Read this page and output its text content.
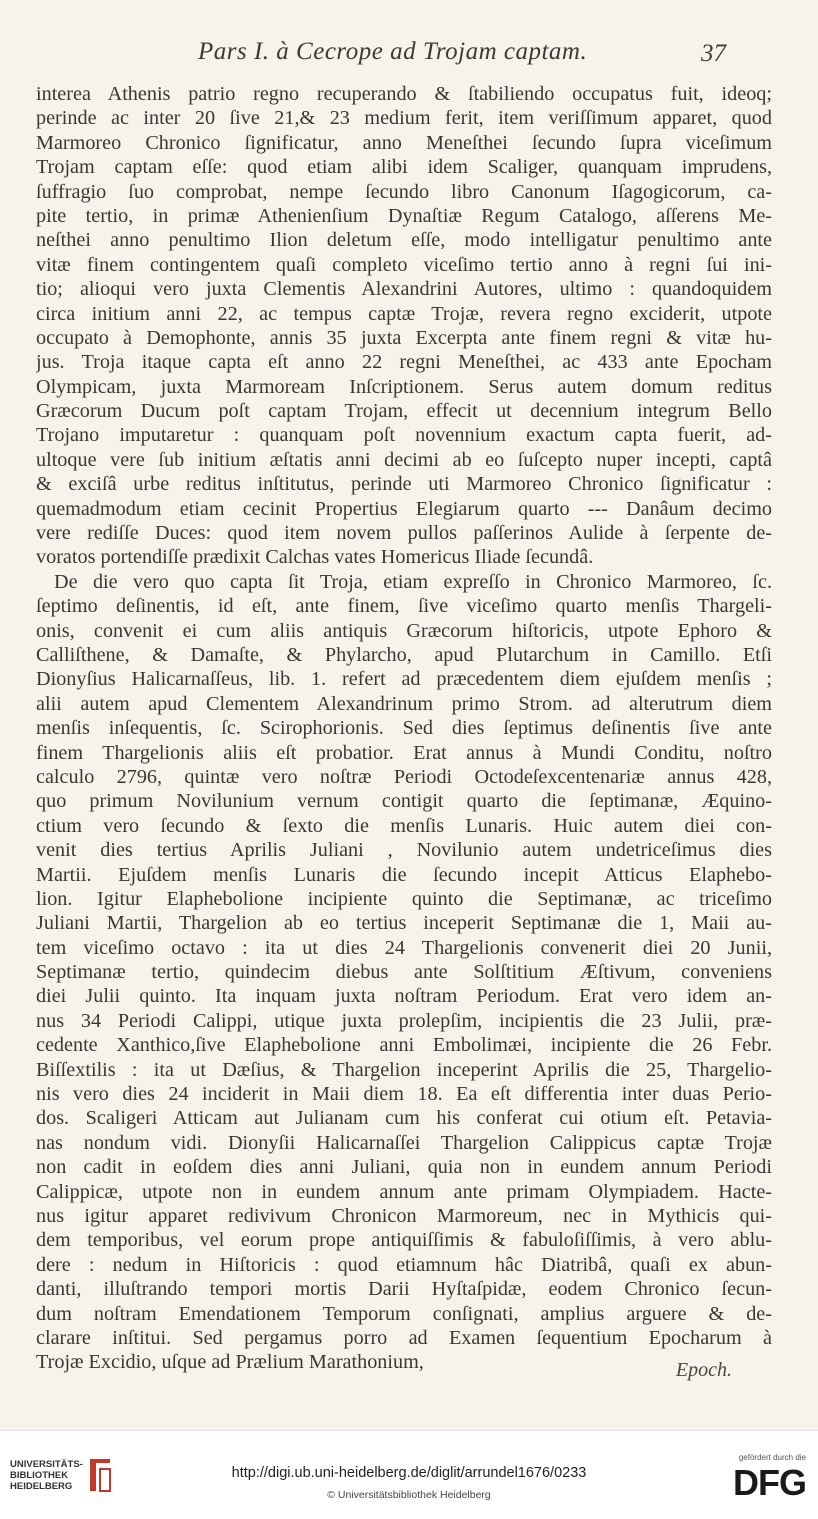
Pars I. à Cecrope ad Trojam captam.	37
interea Athenis patrio regno recuperando & ſtabiliendo occupatus fuit, ideoq;
perinde ac inter 20 ſive 21,& 23 medium ferit, item veriſſimum apparet, quod
Marmoreo Chronico ſignificatur, anno Meneſthei ſecundo ſupra viceſimum
Trojam captam eſſe: quod etiam alibi idem Scaliger, quanquam imprudens,
ſuffragio ſuo comprobat, nempe ſecundo libro Canonum Iſagogicorum, ca-
pite tertio, in primæ Athenienſium Dynaſtiæ Regum Catalogo, aſſerens Me-
neſthei anno penultimo Ilion deletum eſſe, modo intelligatur penultimo ante
vitæ finem contingentem quaſi completo viceſimo tertio anno à regni ſui ini-
tio; alioqui vero juxta Clementis Alexandrini Autores, ultimo : quandoquidem
circa initium anni 22, ac tempus captæ Trojæ, revera regno exciderit, utpote
occupato à Demophonte, annis 35 juxta Excerpta ante finem regni & vitæ hu-
jus. Troja itaque capta eſt anno 22 regni Meneſthei, ac 433 ante Epocham
Olympicam, juxta Marmoream Inſcriptionem. Serus autem domum reditus
Græcorum Ducum poſt captam Trojam, effecit ut decennium integrum Bello
Trojano imputaretur : quanquam poſt novennium exactum capta fuerit, ad-
ultoque vere ſub initium æſtatis anni decimi ab eo ſuſcepto nuper incepti, captâ
& exciſâ urbe reditus inſtitutus, perinde uti Marmoreo Chronico ſignificatur :
quemadmodum etiam cecinit Propertius Elegiarum quarto --- Danâum decimo
vere rediſſe Duces: quod item novem pullos paſſerinos Aulide à ſerpente de-
voratos portendiſſe prædixit Calchas vates Homericus Iliade ſecundâ.
De die vero quo capta ſit Troja, etiam expreſſo in Chronico Marmoreo, ſc.
ſeptimo deſinentis, id eſt, ante finem, ſive viceſimo quarto menſis Thargeli-
onis, convenit ei cum aliis antiquis Græcorum hiſtoricis, utpote Ephoro &
Calliſthene, & Damaſte, & Phylarcho, apud Plutarchum in Camillo. Etſi
Dionyſius Halicarnaſſeus, lib. 1. refert ad præcedentem diem ejuſdem menſis ;
alii autem apud Clementem Alexandrinum primo Strom. ad alterutrum diem
menſis inſequentis, ſc. Scirophorionis. Sed dies ſeptimus deſinentis ſive ante
finem Thargelionis aliis eſt probatior. Erat annus à Mundi Conditu, noſtro
calculo 2796, quintæ vero noſtræ Periodi Octodeſexcentenariæ annus 428,
quo primum Novilunium vernum contigit quarto die ſeptimanæ, Æquino-
ctium vero ſecundo & ſexto die menſis Lunaris. Huic autem diei con-
venit dies tertius Aprilis Juliani , Novilunio autem undetriceſimus dies
Martii. Ejuſdem menſis Lunaris die ſecundo incepit Atticus Elaphebo-
lion. Igitur Elaphebolione incipiente quinto die Septimanæ, ac triceſimo
Juliani Martii, Thargelion ab eo tertius inceperit Septimanæ die 1, Maii au-
tem viceſimo octavo : ita ut dies 24 Thargelionis convenerit diei 20 Junii,
Septimanæ tertio, quindecim diebus ante Solſtitium Æſtivum, conveniens
diei Julii quinto. Ita inquam juxta noſtram Periodum. Erat vero idem an-
nus 34 Periodi Calippi, utique juxta prolepſim, incipientis die 23 Julii, præ-
cedente Xanthico,ſive Elaphebolione anni Embolimæi, incipiente die 26 Febr.
Biſſextilis : ita ut Dæſius, & Thargelion inceperint Aprilis die 25, Thargelio-
nis vero dies 24 inciderit in Maii diem 18. Ea eſt differentia inter duas Perio-
dos. Scaligeri Atticam aut Julianam cum his conferat cui otium eſt. Petavia-
nas nondum vidi. Dionyſii Halicarnaſſei Thargelion Calippicus captæ Trojæ
non cadit in eoſdem dies anni Juliani, quia non in eundem annum Periodi
Calippicæ, utpote non in eundem annum ante primam Olympiadem. Hacte-
nus igitur apparet redivivum Chronicon Marmoreum, nec in Mythicis qui-
dem temporibus, vel eorum prope antiquiſſimis & fabuloſiſſimis, à vero ablu-
dere : nedum in Hiſtoricis : quod etiamnum hâc Diatribâ, quaſi ex abun-
danti, illuſtrando tempori mortis Darii Hyſtaſpidæ, eodem Chronico ſecun-
dum noſtram Emendationem Temporum conſignati, amplius arguere & de-
clarare inſtitui. Sed pergamus porro ad Examen ſequentium Epocharum à
Trojæ Excidio, uſque ad Prælium Marathonium,	Epoch.
UNIVERSITÄTS-
BIBLIOTHEK
HEIDELBERG
http://digi.ub.uni-heidelberg.de/diglit/arrundel1676/0233
© Universitätsbibliothek Heidelberg
gefördert durch die
DFG
